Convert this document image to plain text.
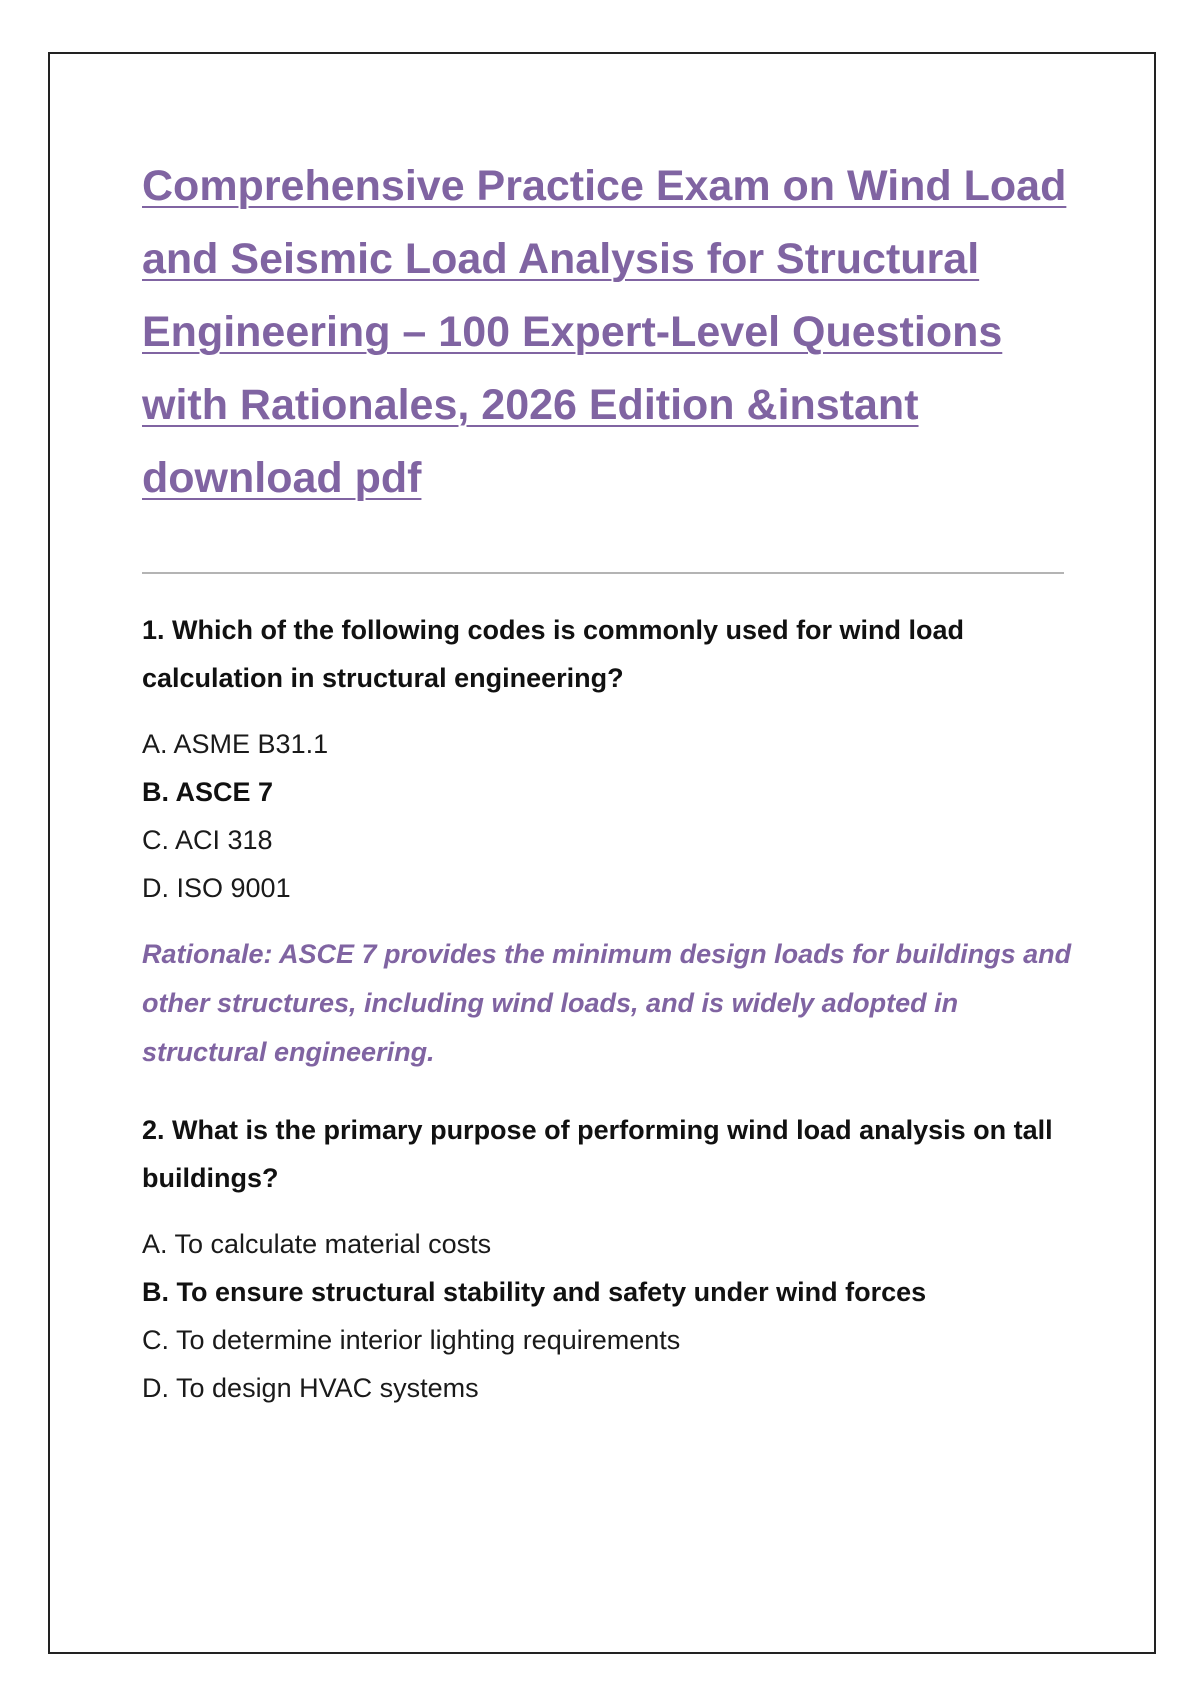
Comprehensive Practice Exam on Wind Load and Seismic Load Analysis for Structural Engineering – 100 Expert-Level Questions with Rationales, 2026 Edition &instant download pdf

1. Which of the following codes is commonly used for wind load calculation in structural engineering?

A. ASME B31.1
B. ASCE 7
C. ACI 318
D. ISO 9001

Rationale: ASCE 7 provides the minimum design loads for buildings and other structures, including wind loads, and is widely adopted in structural engineering.

2. What is the primary purpose of performing wind load analysis on tall buildings?

A. To calculate material costs
B. To ensure structural stability and safety under wind forces
C. To determine interior lighting requirements
D. To design HVAC systems
